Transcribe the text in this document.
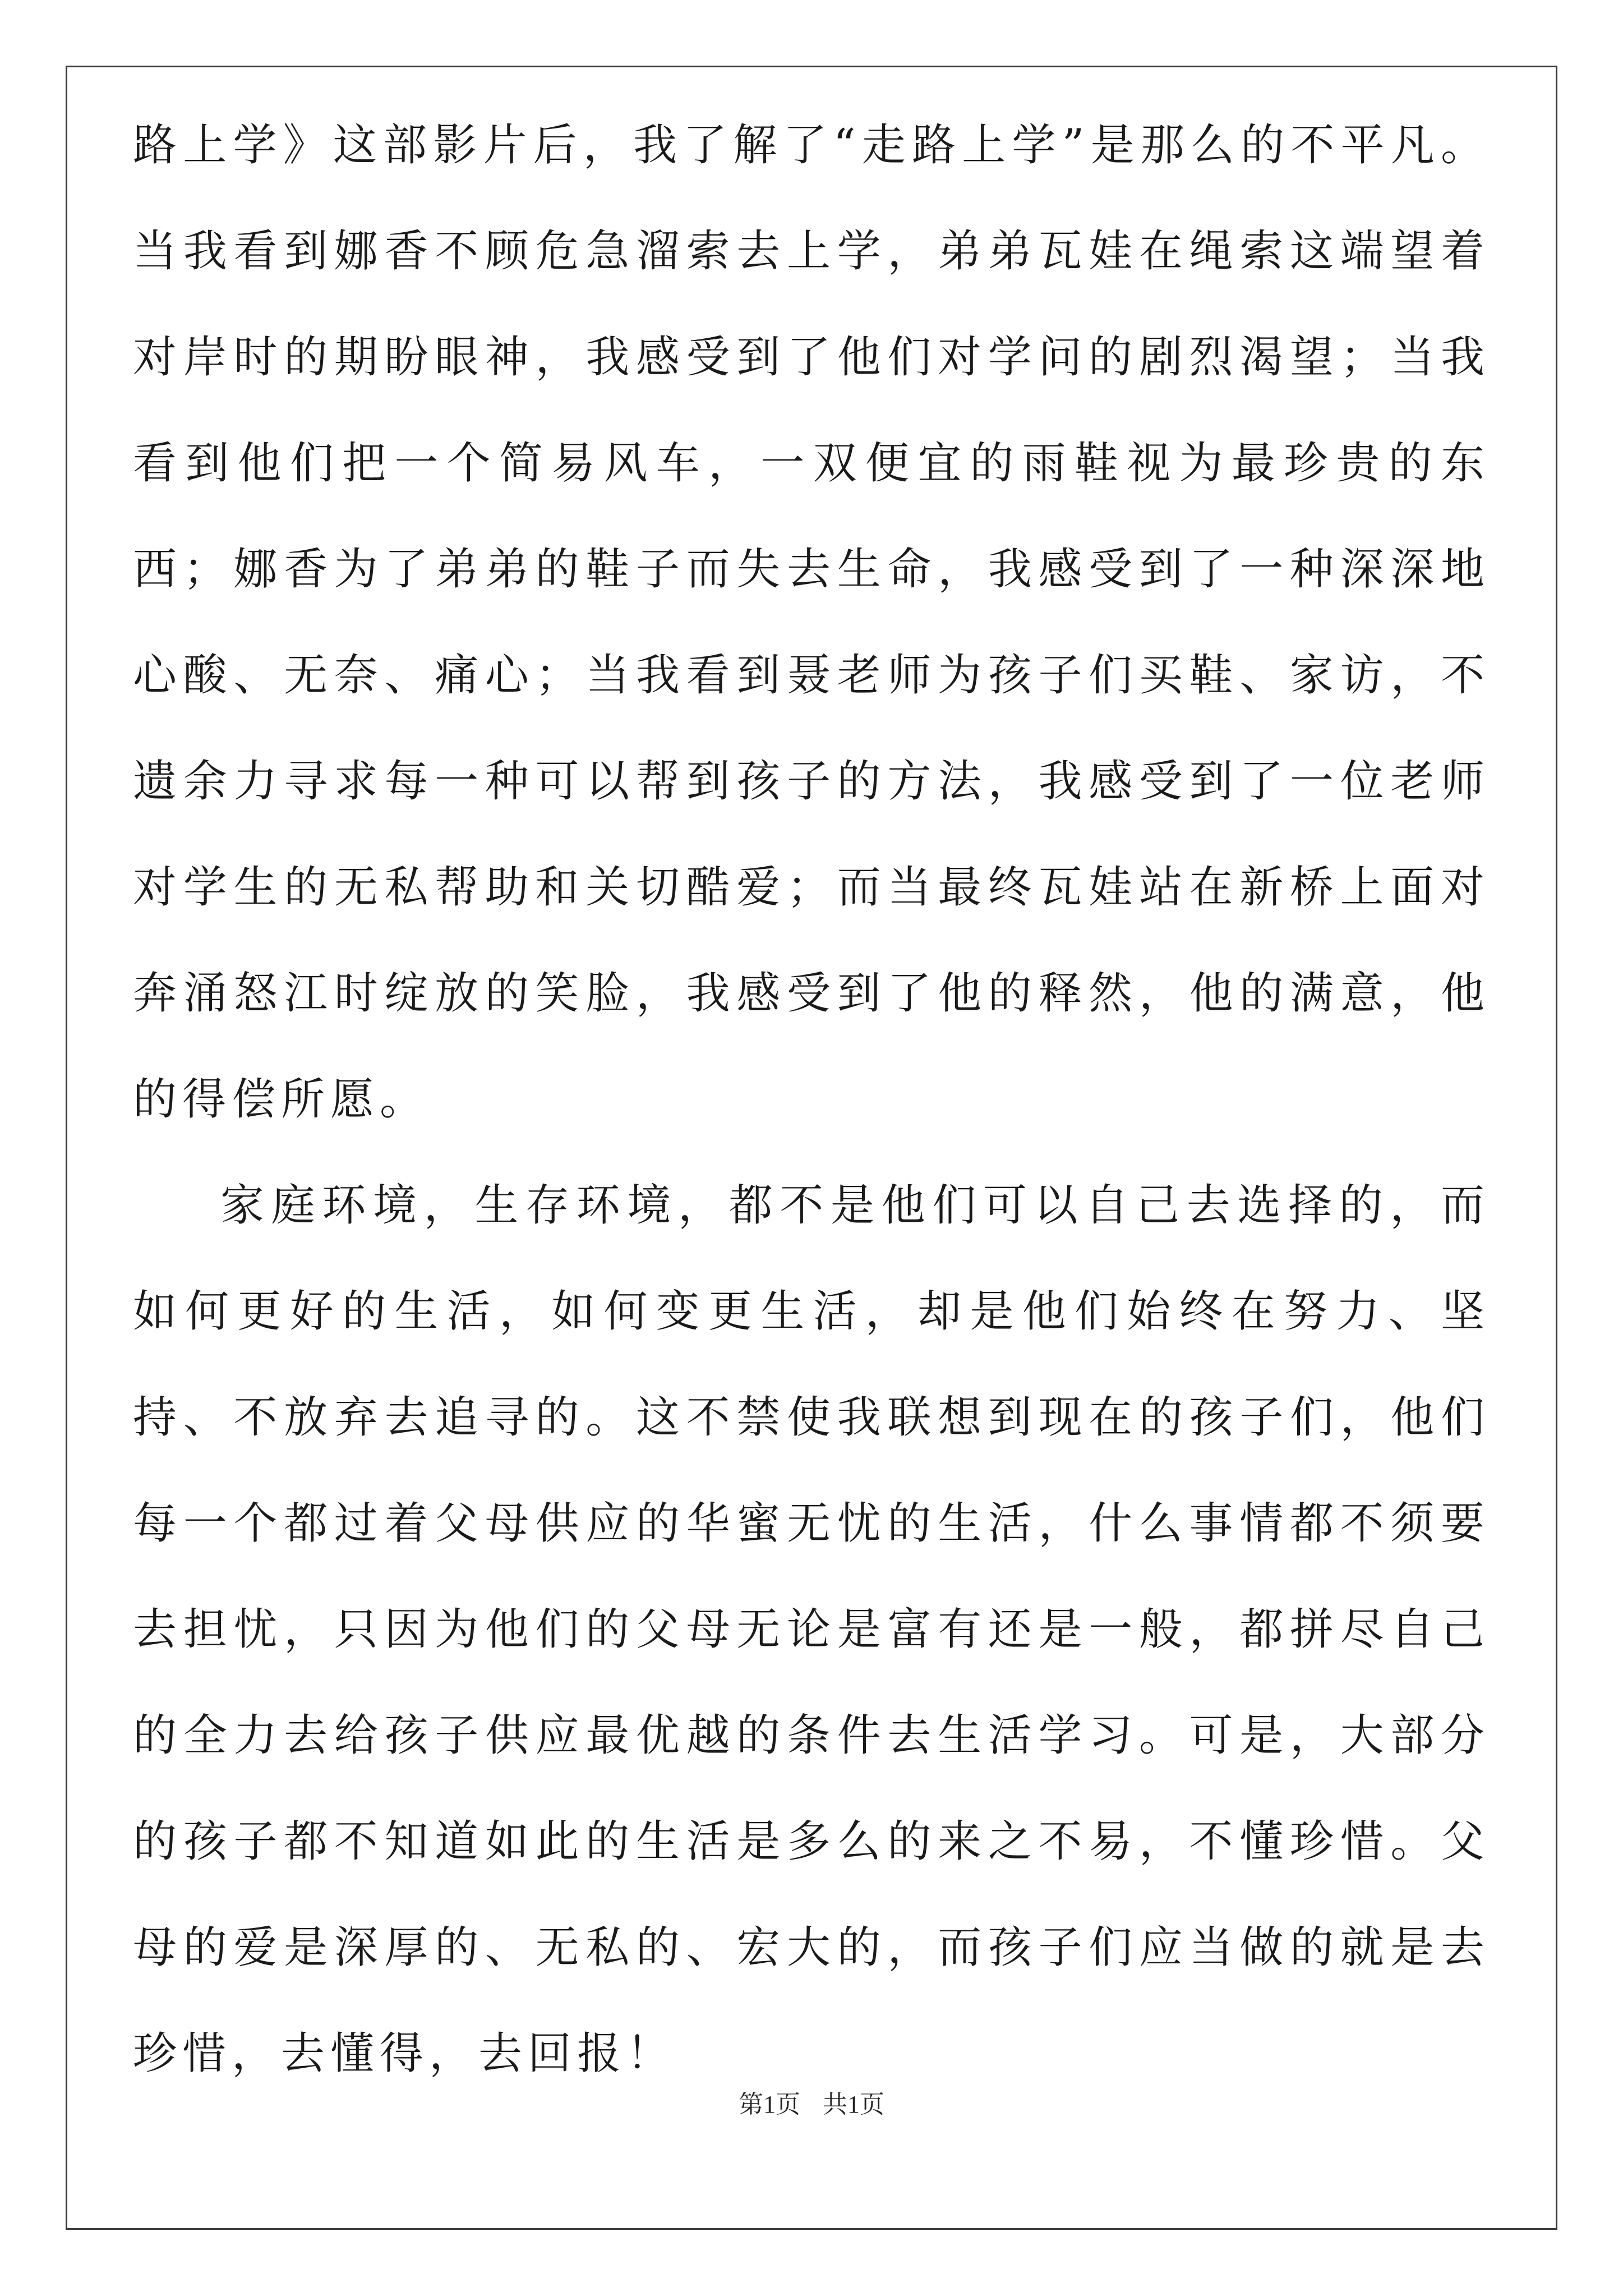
路上学》这部影片后，我了解了“走路上学”是那么的不平凡。当我看到娜香不顾危急溜索去上学，弟弟瓦娃在绳索这端望着对岸时的期盼眼神，我感受到了他们对学问的剧烈渴望；当我看到他们把一个简易风车，一双便宜的雨鞋视为最珍贵的东西；娜香为了弟弟的鞋子而失去生命，我感受到了一种深深地心酸、无奈、痛心；当我看到聂老师为孩子们买鞋、家访，不遗余力寻求每一种可以帮到孩子的方法，我感受到了一位老师对学生的无私帮助和关切酷爱；而当最终瓦娃站在新桥上面对奔涌怒江时绽放的笑脸，我感受到了他的释然，他的满意，他的得偿所愿。

家庭环境，生存环境，都不是他们可以自己去选择的，而如何更好的生活，如何变更生活，却是他们始终在努力、坚持、不放弃去追寻的。这不禁使我联想到现在的孩子们，他们每一个都过着父母供应的华蜜无忧的生活，什么事情都不须要去担忧，只因为他们的父母无论是富有还是一般，都拼尽自己的全力去给孩子供应最优越的条件去生活学习。可是，大部分的孩子都不知道如此的生活是多么的来之不易，不懂珍惜。父母的爱是深厚的、无私的、宏大的，而孩子们应当做的就是去珍惜，去懂得，去回报！

第1页 共1页
